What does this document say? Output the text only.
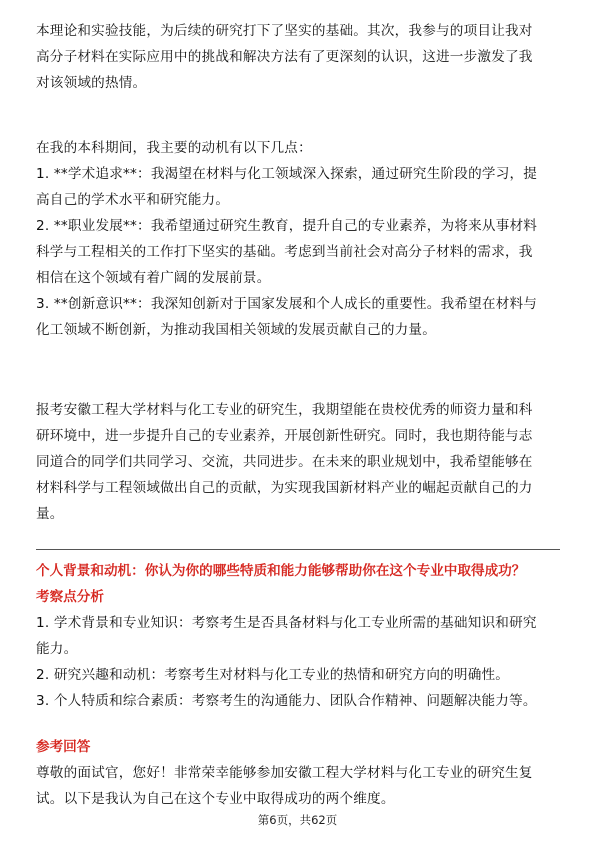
本理论和实验技能，为后续的研究打下了坚实的基础。其次，我参与的项目让我对
高分子材料在实际应用中的挑战和解决方法有了更深刻的认识，这进一步激发了我
对该领域的热情。
在我的本科期间，我主要的动机有以下几点：
1. **学术追求**：我渴望在材料与化工领域深入探索，通过研究生阶段的学习，提
高自己的学术水平和研究能力。
2. **职业发展**：我希望通过研究生教育，提升自己的专业素养，为将来从事材料
科学与工程相关的工作打下坚实的基础。考虑到当前社会对高分子材料的需求，我
相信在这个领域有着广阔的发展前景。
3. **创新意识**：我深知创新对于国家发展和个人成长的重要性。我希望在材料与
化工领域不断创新，为推动我国相关领域的发展贡献自己的力量。
报考安徽工程大学材料与化工专业的研究生，我期望能在贵校优秀的师资力量和科
研环境中，进一步提升自己的专业素养，开展创新性研究。同时，我也期待能与志
同道合的同学们共同学习、交流，共同进步。在未来的职业规划中，我希望能够在
材料科学与工程领域做出自己的贡献，为实现我国新材料产业的崛起贡献自己的力
量。
个人背景和动机：你认为你的哪些特质和能力能够帮助你在这个专业中取得成功？
考察点分析
1. 学术背景和专业知识：考察考生是否具备材料与化工专业所需的基础知识和研究
能力。
2. 研究兴趣和动机：考察考生对材料与化工专业的热情和研究方向的明确性。
3. 个人特质和综合素质：考察考生的沟通能力、团队合作精神、问题解决能力等。
参考回答
尊敬的面试官，您好！非常荣幸能够参加安徽工程大学材料与化工专业的研究生复
试。以下是我认为自己在这个专业中取得成功的两个维度。
第6页，共62页
